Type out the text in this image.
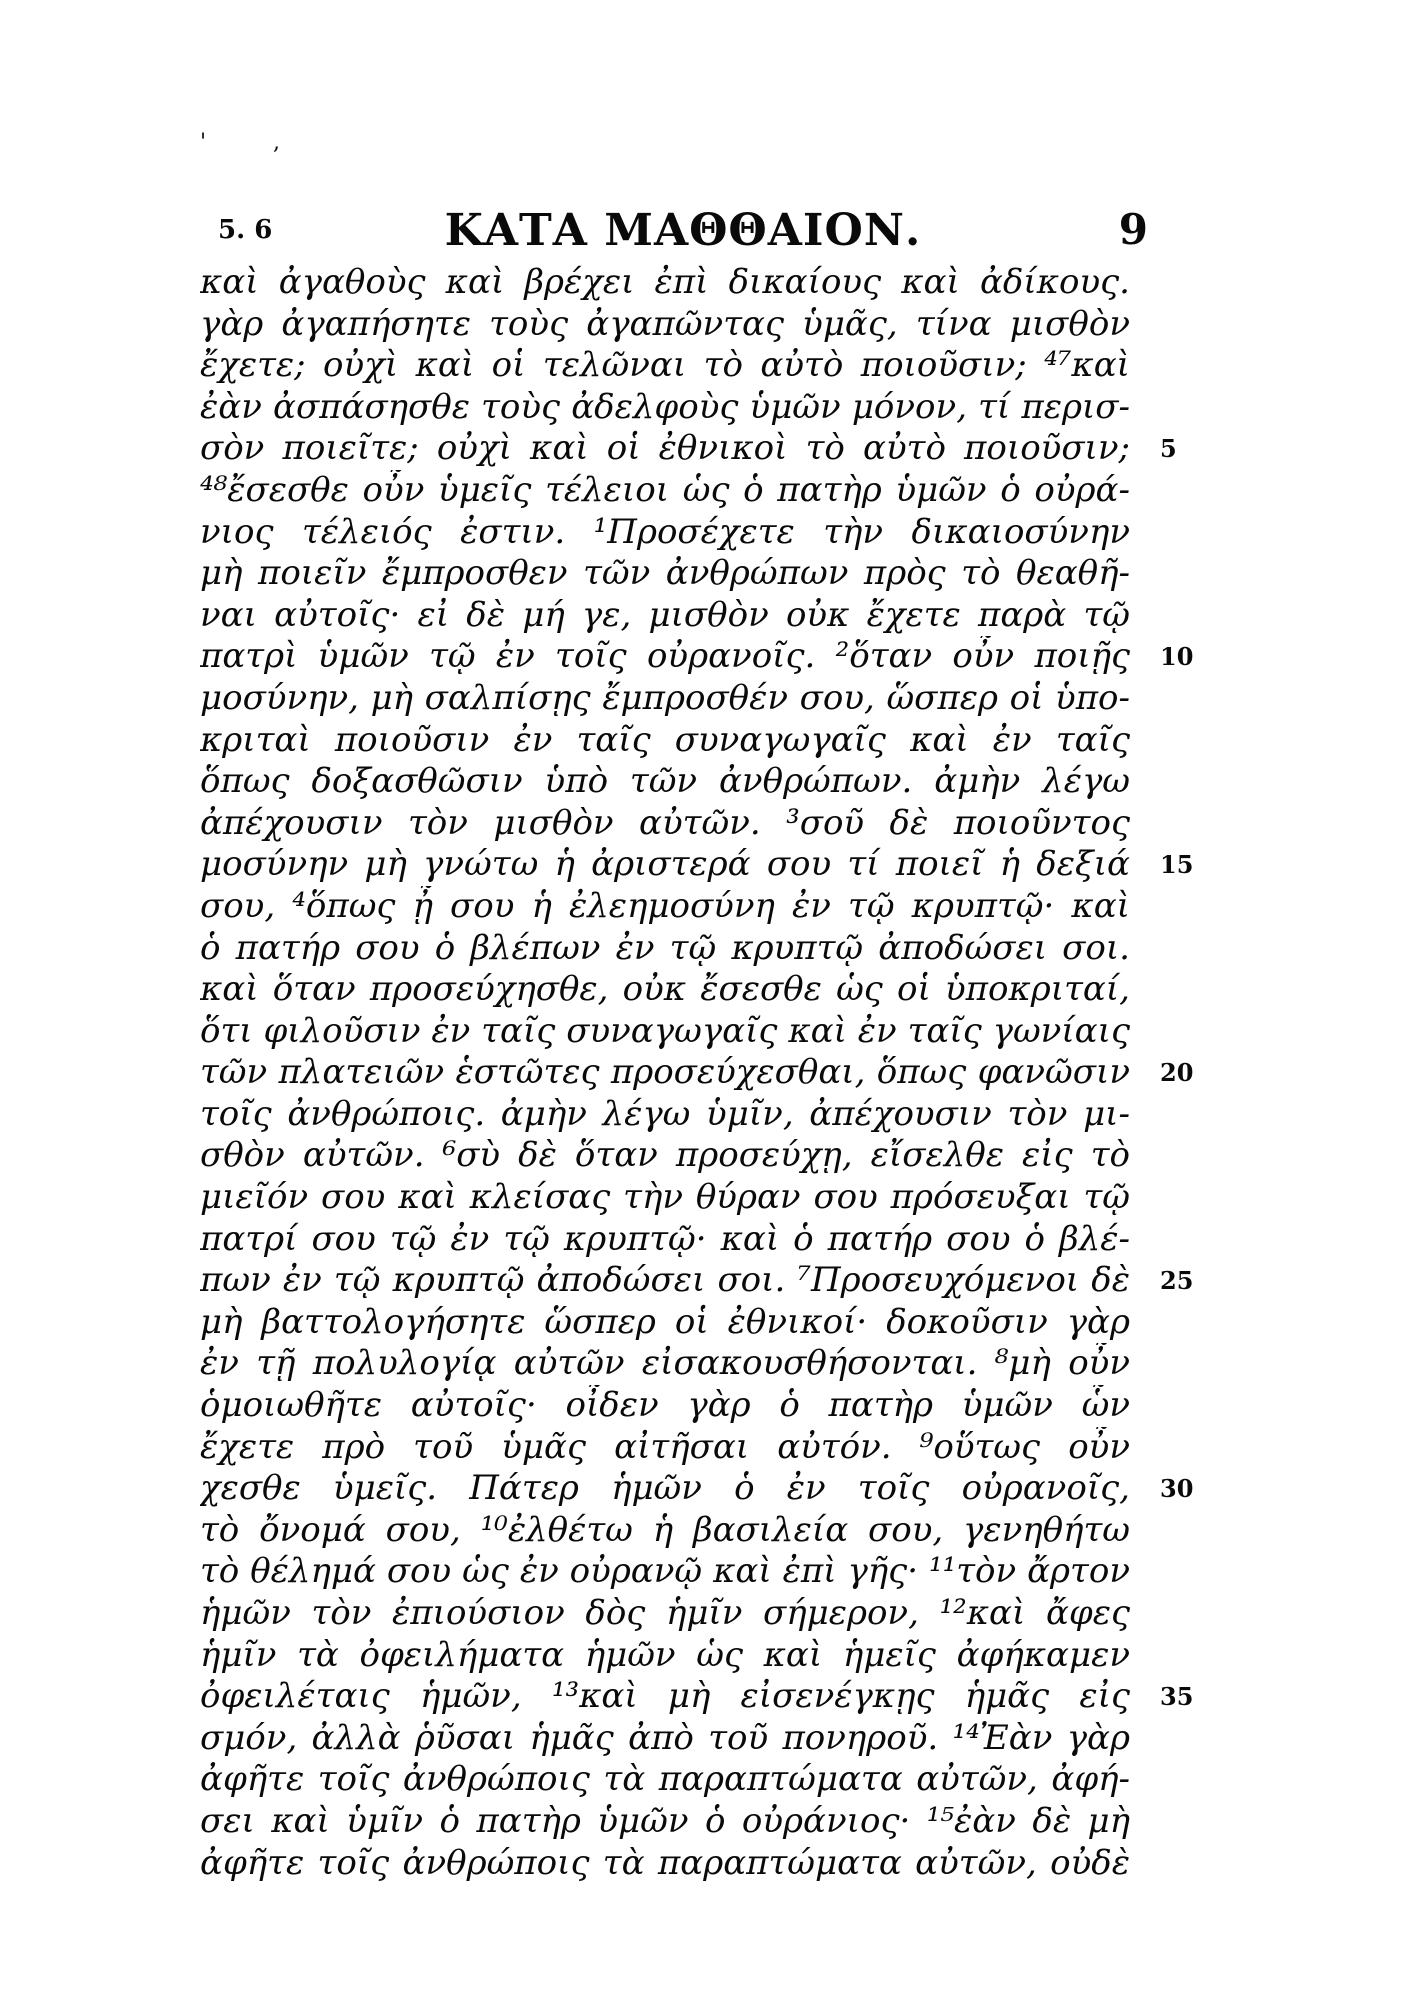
' ,
5. 6	ΚΑΤΑ ΜΑΘΘΑΙΟΝ.	9
καὶ ἀγαθοὺς καὶ βρέχει ἐπὶ δικαίους καὶ ἀδίκους.
γὰρ ἀγαπήσητε τοὺς ἀγαπῶντας ὑμᾶς, τίνα μισθὸν
ἔχετε; οὐχὶ καὶ οἱ τελῶναι τὸ αὐτὸ ποιοῦσιν; ⁴⁷καὶ
ἐὰν ἀσπάσησθε τοὺς ἀδελφοὺς ὑμῶν μόνον, τί περισ-
σὸν ποιεῖτε; οὐχὶ καὶ οἱ ἐθνικοὶ τὸ αὐτὸ ποιοῦσιν; 5
⁴⁸ἔσεσθε οὖν ὑμεῖς τέλειοι ὡς ὁ πατὴρ ὑμῶν ὁ οὐρά-
νιος τέλειός ἐστιν. ¹Προσέχετε τὴν δικαιοσύνην
μὴ ποιεῖν ἔμπροσθεν τῶν ἀνθρώπων πρὸς τὸ θεαθῆ-
ναι αὐτοῖς· εἰ δὲ μή γε, μισθὸν οὐκ ἔχετε παρὰ τῷ
πατρὶ ὑμῶν τῷ ἐν τοῖς οὐρανοῖς. ²ὅταν οὖν ποιῇς 10
μοσύνην, μὴ σαλπίσῃς ἔμπροσθέν σου, ὥσπερ οἱ ὑπο-
κριταὶ ποιοῦσιν ἐν ταῖς συναγωγαῖς καὶ ἐν ταῖς
ὅπως δοξασθῶσιν ὑπὸ τῶν ἀνθρώπων. ἀμὴν λέγω
ἀπέχουσιν τὸν μισθὸν αὐτῶν. ³σοῦ δὲ ποιοῦντος
μοσύνην μὴ γνώτω ἡ ἀριστερά σου τί ποιεῖ ἡ δεξιά 15
σου, ⁴ὅπως ᾖ σου ἡ ἐλεημοσύνη ἐν τῷ κρυπτῷ· καὶ
ὁ πατήρ σου ὁ βλέπων ἐν τῷ κρυπτῷ ἀποδώσει σοι.
καὶ ὅταν προσεύχησθε, οὐκ ἔσεσθε ὡς οἱ ὑποκριταί,
ὅτι φιλοῦσιν ἐν ταῖς συναγωγαῖς καὶ ἐν ταῖς γωνίαις
τῶν πλατειῶν ἑστῶτες προσεύχεσθαι, ὅπως φανῶσιν 20
τοῖς ἀνθρώποις. ἀμὴν λέγω ὑμῖν, ἀπέχουσιν τὸν μι-
σθὸν αὐτῶν. ⁶σὺ δὲ ὅταν προσεύχῃ, εἴσελθε εἰς τὸ
μιεῖόν σου καὶ κλείσας τὴν θύραν σου πρόσευξαι τῷ
πατρί σου τῷ ἐν τῷ κρυπτῷ· καὶ ὁ πατήρ σου ὁ βλέ-
πων ἐν τῷ κρυπτῷ ἀποδώσει σοι. ⁷Προσευχόμενοι δὲ 25
μὴ βαττολογήσητε ὥσπερ οἱ ἐθνικοί· δοκοῦσιν γὰρ
ἐν τῇ πολυλογίᾳ αὐτῶν εἰσακουσθήσονται. ⁸μὴ οὖν
ὁμοιωθῆτε αὐτοῖς· οἶδεν γὰρ ὁ πατὴρ ὑμῶν ὧν
ἔχετε πρὸ τοῦ ὑμᾶς αἰτῆσαι αὐτόν. ⁹οὕτως οὖν
χεσθε ὑμεῖς. Πάτερ ἡμῶν ὁ ἐν τοῖς οὐρανοῖς, 30
τὸ ὄνομά σου, ¹⁰ἐλθέτω ἡ βασιλεία σου, γενηθήτω
τὸ θέλημά σου ὡς ἐν οὐρανῷ καὶ ἐπὶ γῆς· ¹¹τὸν ἄρτον
ἡμῶν τὸν ἐπιούσιον δὸς ἡμῖν σήμερον, ¹²καὶ ἄφες
ἡμῖν τὰ ὀφειλήματα ἡμῶν ὡς καὶ ἡμεῖς ἀφήκαμεν
ὀφειλέταις ἡμῶν, ¹³καὶ μὴ εἰσενέγκῃς ἡμᾶς εἰς 35
σμόν, ἀλλὰ ῥῦσαι ἡμᾶς ἀπὸ τοῦ πονηροῦ. ¹⁴Ἐὰν γὰρ
ἀφῆτε τοῖς ἀνθρώποις τὰ παραπτώματα αὐτῶν, ἀφή-
σει καὶ ὑμῖν ὁ πατὴρ ὑμῶν ὁ οὐράνιος· ¹⁵ἐὰν δὲ μὴ
ἀφῆτε τοῖς ἀνθρώποις τὰ παραπτώματα αὐτῶν, οὐδὲ
